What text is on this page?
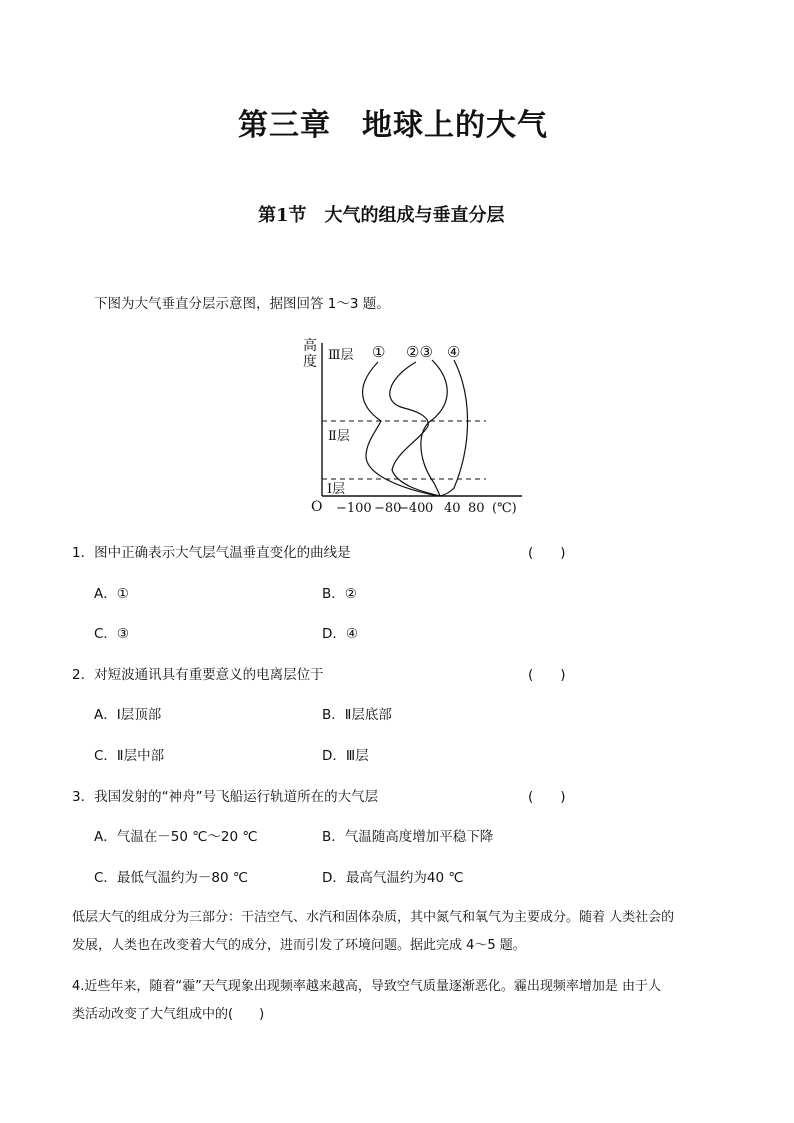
第三章　地球上的大气
第1节　大气的组成与垂直分层
下图为大气垂直分层示意图，据图回答 1～3 题。
高
度 Ⅲ层
Ⅱ层
Ⅰ层
① ②③ ④
O −100 −80
−40 0 40 80 (℃)
1．图中正确表示大气层气温垂直变化的曲线是	(　　)
A．①	B．②
C．③	D．④
2．对短波通讯具有重要意义的电离层位于	(　　)
A．Ⅰ层顶部	B．Ⅱ层底部
C．Ⅱ层中部	D．Ⅲ层
3．我国发射的“神舟”号飞船运行轨道所在的大气层	(　　)
A．气温在－50 ℃～20 ℃	B．气温随高度增加平稳下降
C．最低气温约为－80 ℃	D．最高气温约为40 ℃
低层大气的组成分为三部分：干洁空气、水汽和固体杂质，其中氮气和氧气为主要成分。随着 人类社会的
发展，人类也在改变着大气的成分，进而引发了环境问题。据此完成 4～5 题。
4.近些年来，随着“霾”天气现象出现频率越来越高，导致空气质量逐渐恶化。霾出现频率增加是 由于人
类活动改变了大气组成中的(　　)
